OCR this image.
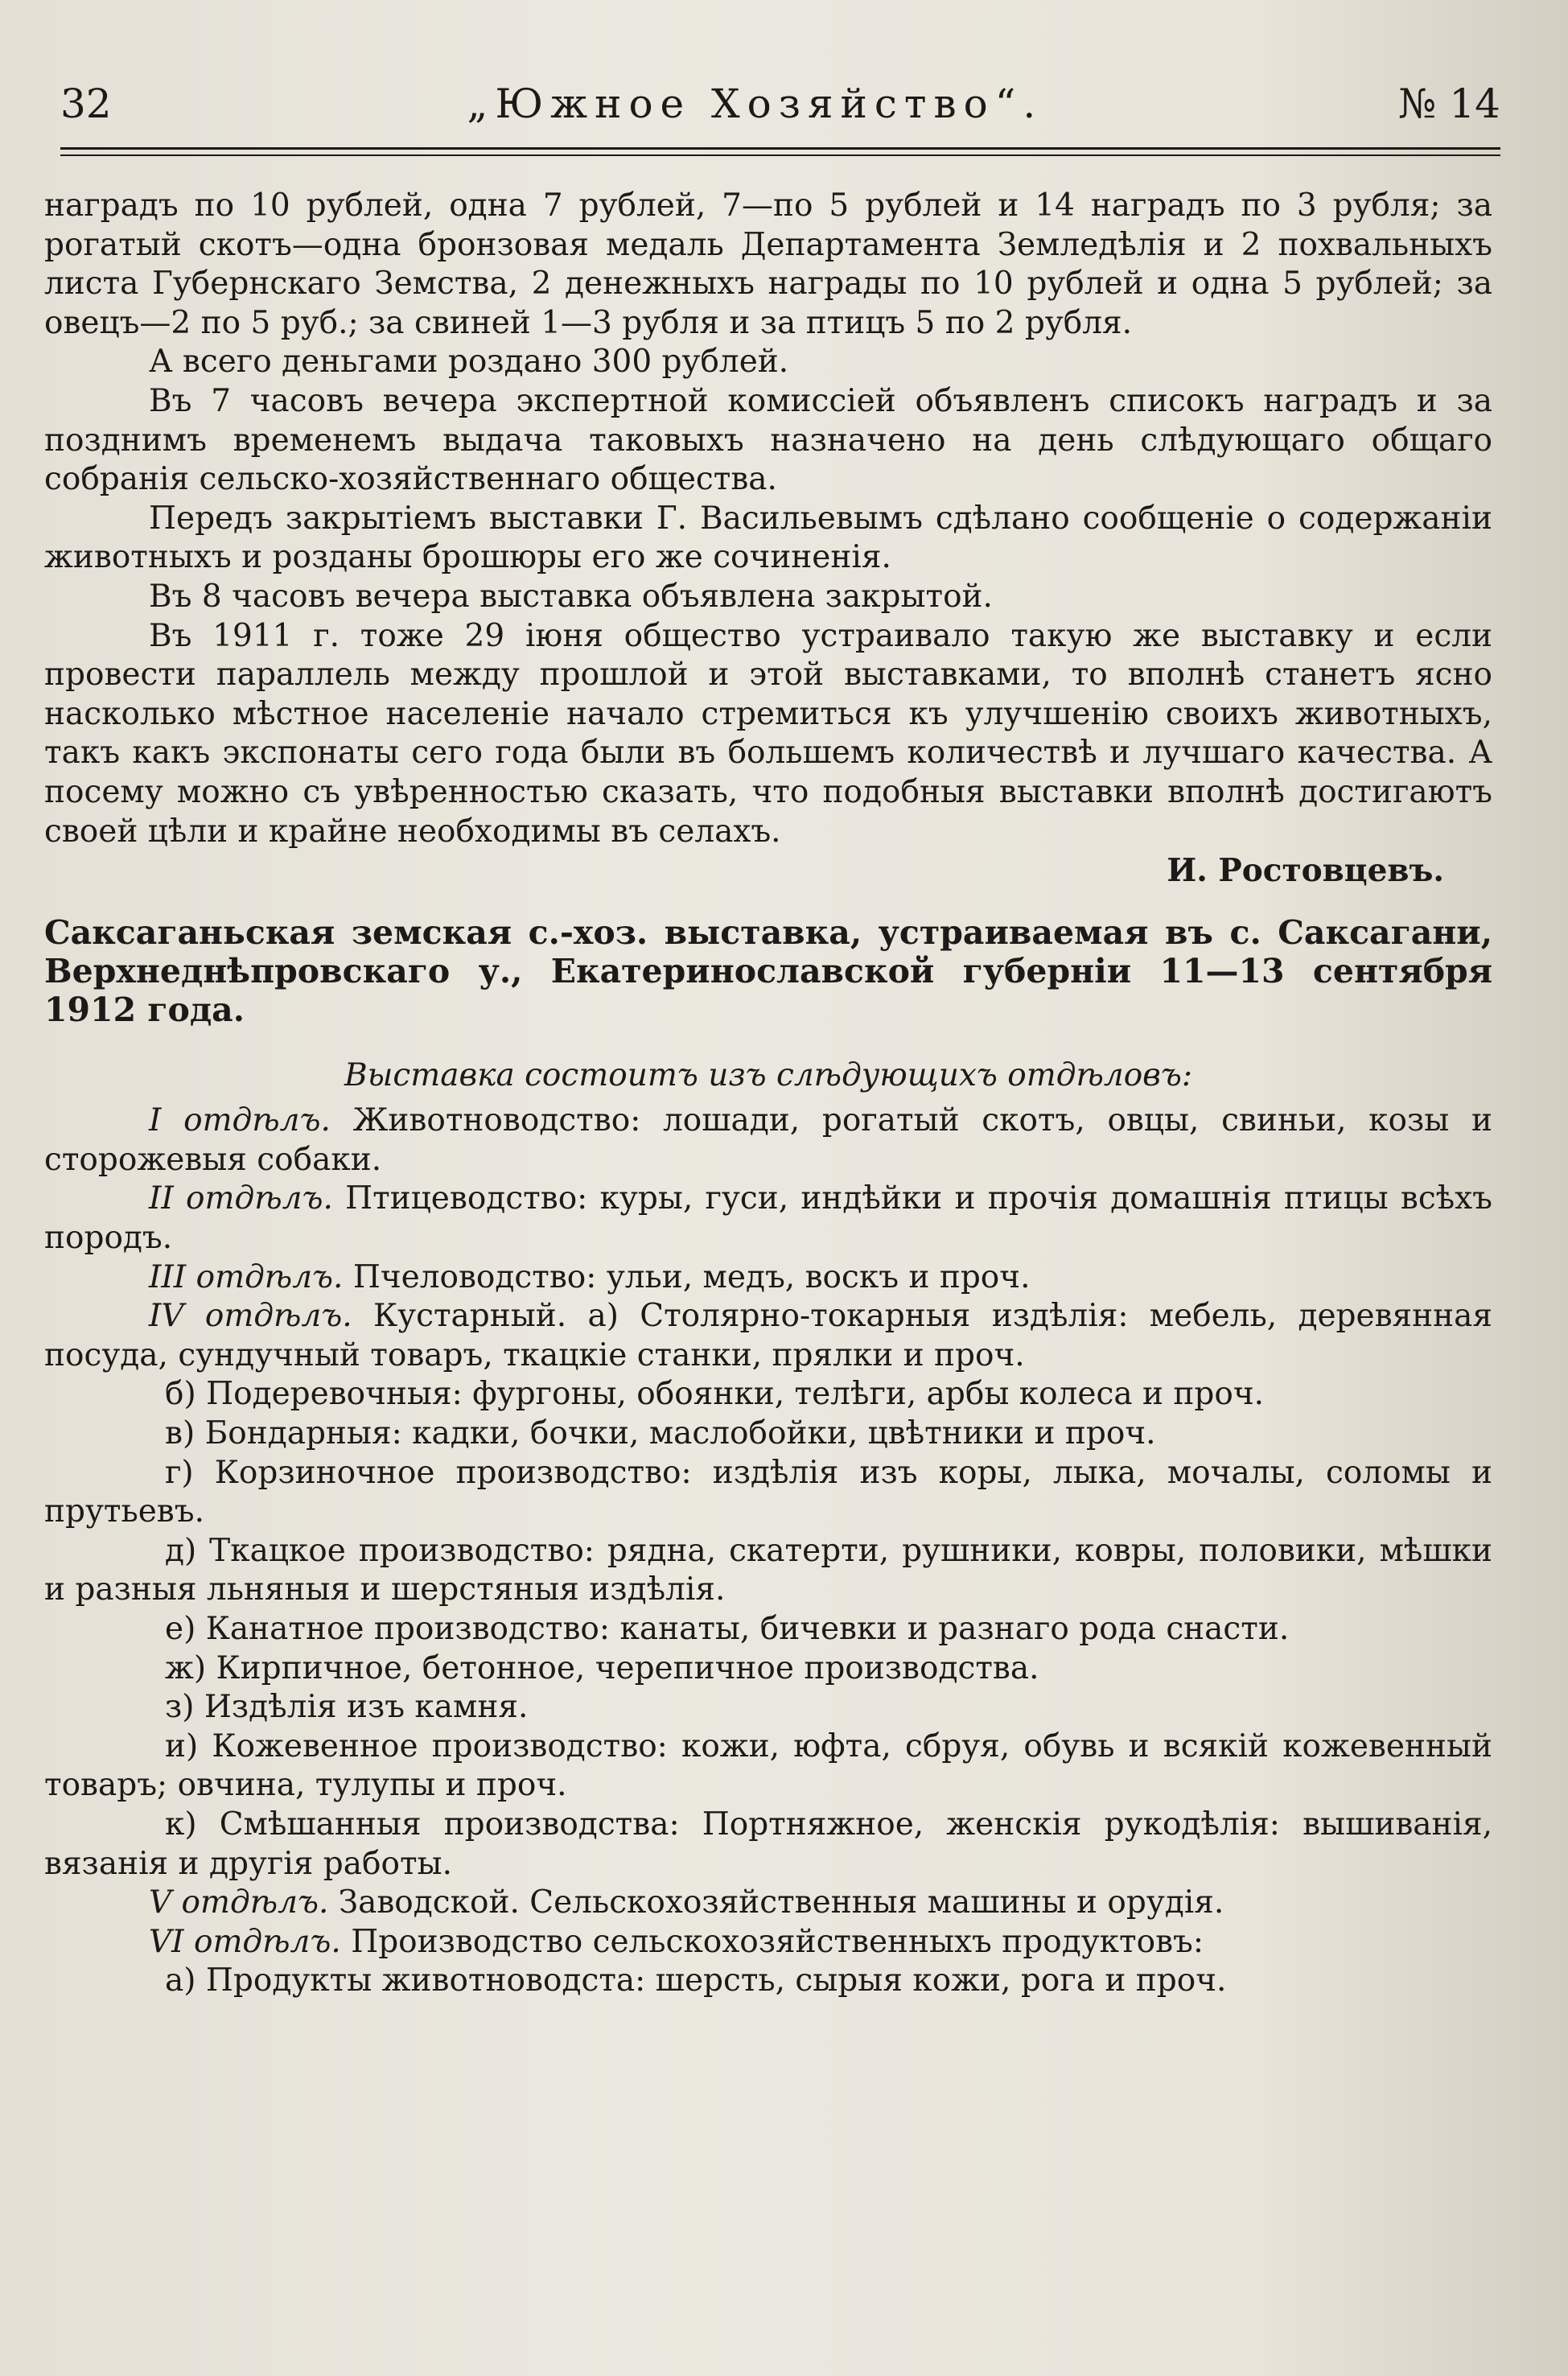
32	„Южное Хозяйство“.	№ 14

наградъ по 10 рублей, одна 7 рублей, 7—по 5 рублей и 14 наградъ по 3 рубля; за рогатый скотъ—одна бронзовая медаль Департамента Земледѣлія и 2 похвальныхъ листа Губернскаго Земства, 2 денежныхъ награды по 10 рублей и одна 5 рублей; за овецъ—2 по 5 руб.; за свиней 1—3 рубля и за птицъ 5 по 2 рубля.

А всего деньгами роздано 300 рублей.

Въ 7 часовъ вечера экспертной комиссіей объявленъ списокъ наградъ и за позднимъ временемъ выдача таковыхъ назначено на день слѣдующаго общаго собранія сельско-хозяйственнаго общества.

Передъ закрытіемъ выставки Г. Васильевымъ сдѣлано сообщеніе о содержаніи животныхъ и розданы брошюры его же сочиненія.

Въ 8 часовъ вечера выставка объявлена закрытой.

Въ 1911 г. тоже 29 іюня общество устраивало такую же выставку и если провести параллель между прошлой и этой выставками, то вполнѣ станетъ ясно насколько мѣстное населеніе начало стремиться къ улучшенію своихъ животныхъ, такъ какъ экспонаты сего года были въ большемъ количествѣ и лучшаго качества. А посему можно съ увѣренностью сказать, что подобныя выставки вполнѣ достигаютъ своей цѣли и крайне необходимы въ селахъ.

И. Ростовцевъ.

Саксаганьская земская с.-хоз. выставка, устраиваемая въ с. Саксагани, Верхнеднѣпровскаго у., Екатеринославской губерніи 11—13 сентября 1912 года.

Выставка состоитъ изъ слѣдующихъ отдѣловъ:

I отдѣлъ. Животноводство: лошади, рогатый скотъ, овцы, свиньи, козы и сторожевыя собаки.

II отдѣлъ. Птицеводство: куры, гуси, индѣйки и прочія домашнія птицы всѣхъ породъ.

III отдѣлъ. Пчеловодство: ульи, медъ, воскъ и проч.

IV отдѣлъ. Кустарный. а) Столярно-токарныя издѣлія: мебель, деревянная посуда, сундучный товаръ, ткацкіе станки, прялки и проч.

б) Подеревочныя: фургоны, обоянки, телѣги, арбы колеса и проч.

в) Бондарныя: кадки, бочки, маслобойки, цвѣтники и проч.

г) Корзиночное производство: издѣлія изъ коры, лыка, мочалы, соломы и прутьевъ.

д) Ткацкое производство: рядна, скатерти, рушники, ковры, половики, мѣшки и разныя льняныя и шерстяныя издѣлія.

е) Канатное производство: канаты, бичевки и разнаго рода снасти.

ж) Кирпичное, бетонное, черепичное производства.

з) Издѣлія изъ камня.

и) Кожевенное производство: кожи, юфта, сбруя, обувь и всякій кожевенный товаръ; овчина, тулупы и проч.

к) Смѣшанныя производства: Портняжное, женскія рукодѣлія: вышиванія, вязанія и другія работы.

V отдѣлъ. Заводской. Сельскохозяйственныя машины и орудія.

VI отдѣлъ. Производство сельскохозяйственныхъ продуктовъ:

а) Продукты животноводста: шерсть, сырыя кожи, рога и проч.
